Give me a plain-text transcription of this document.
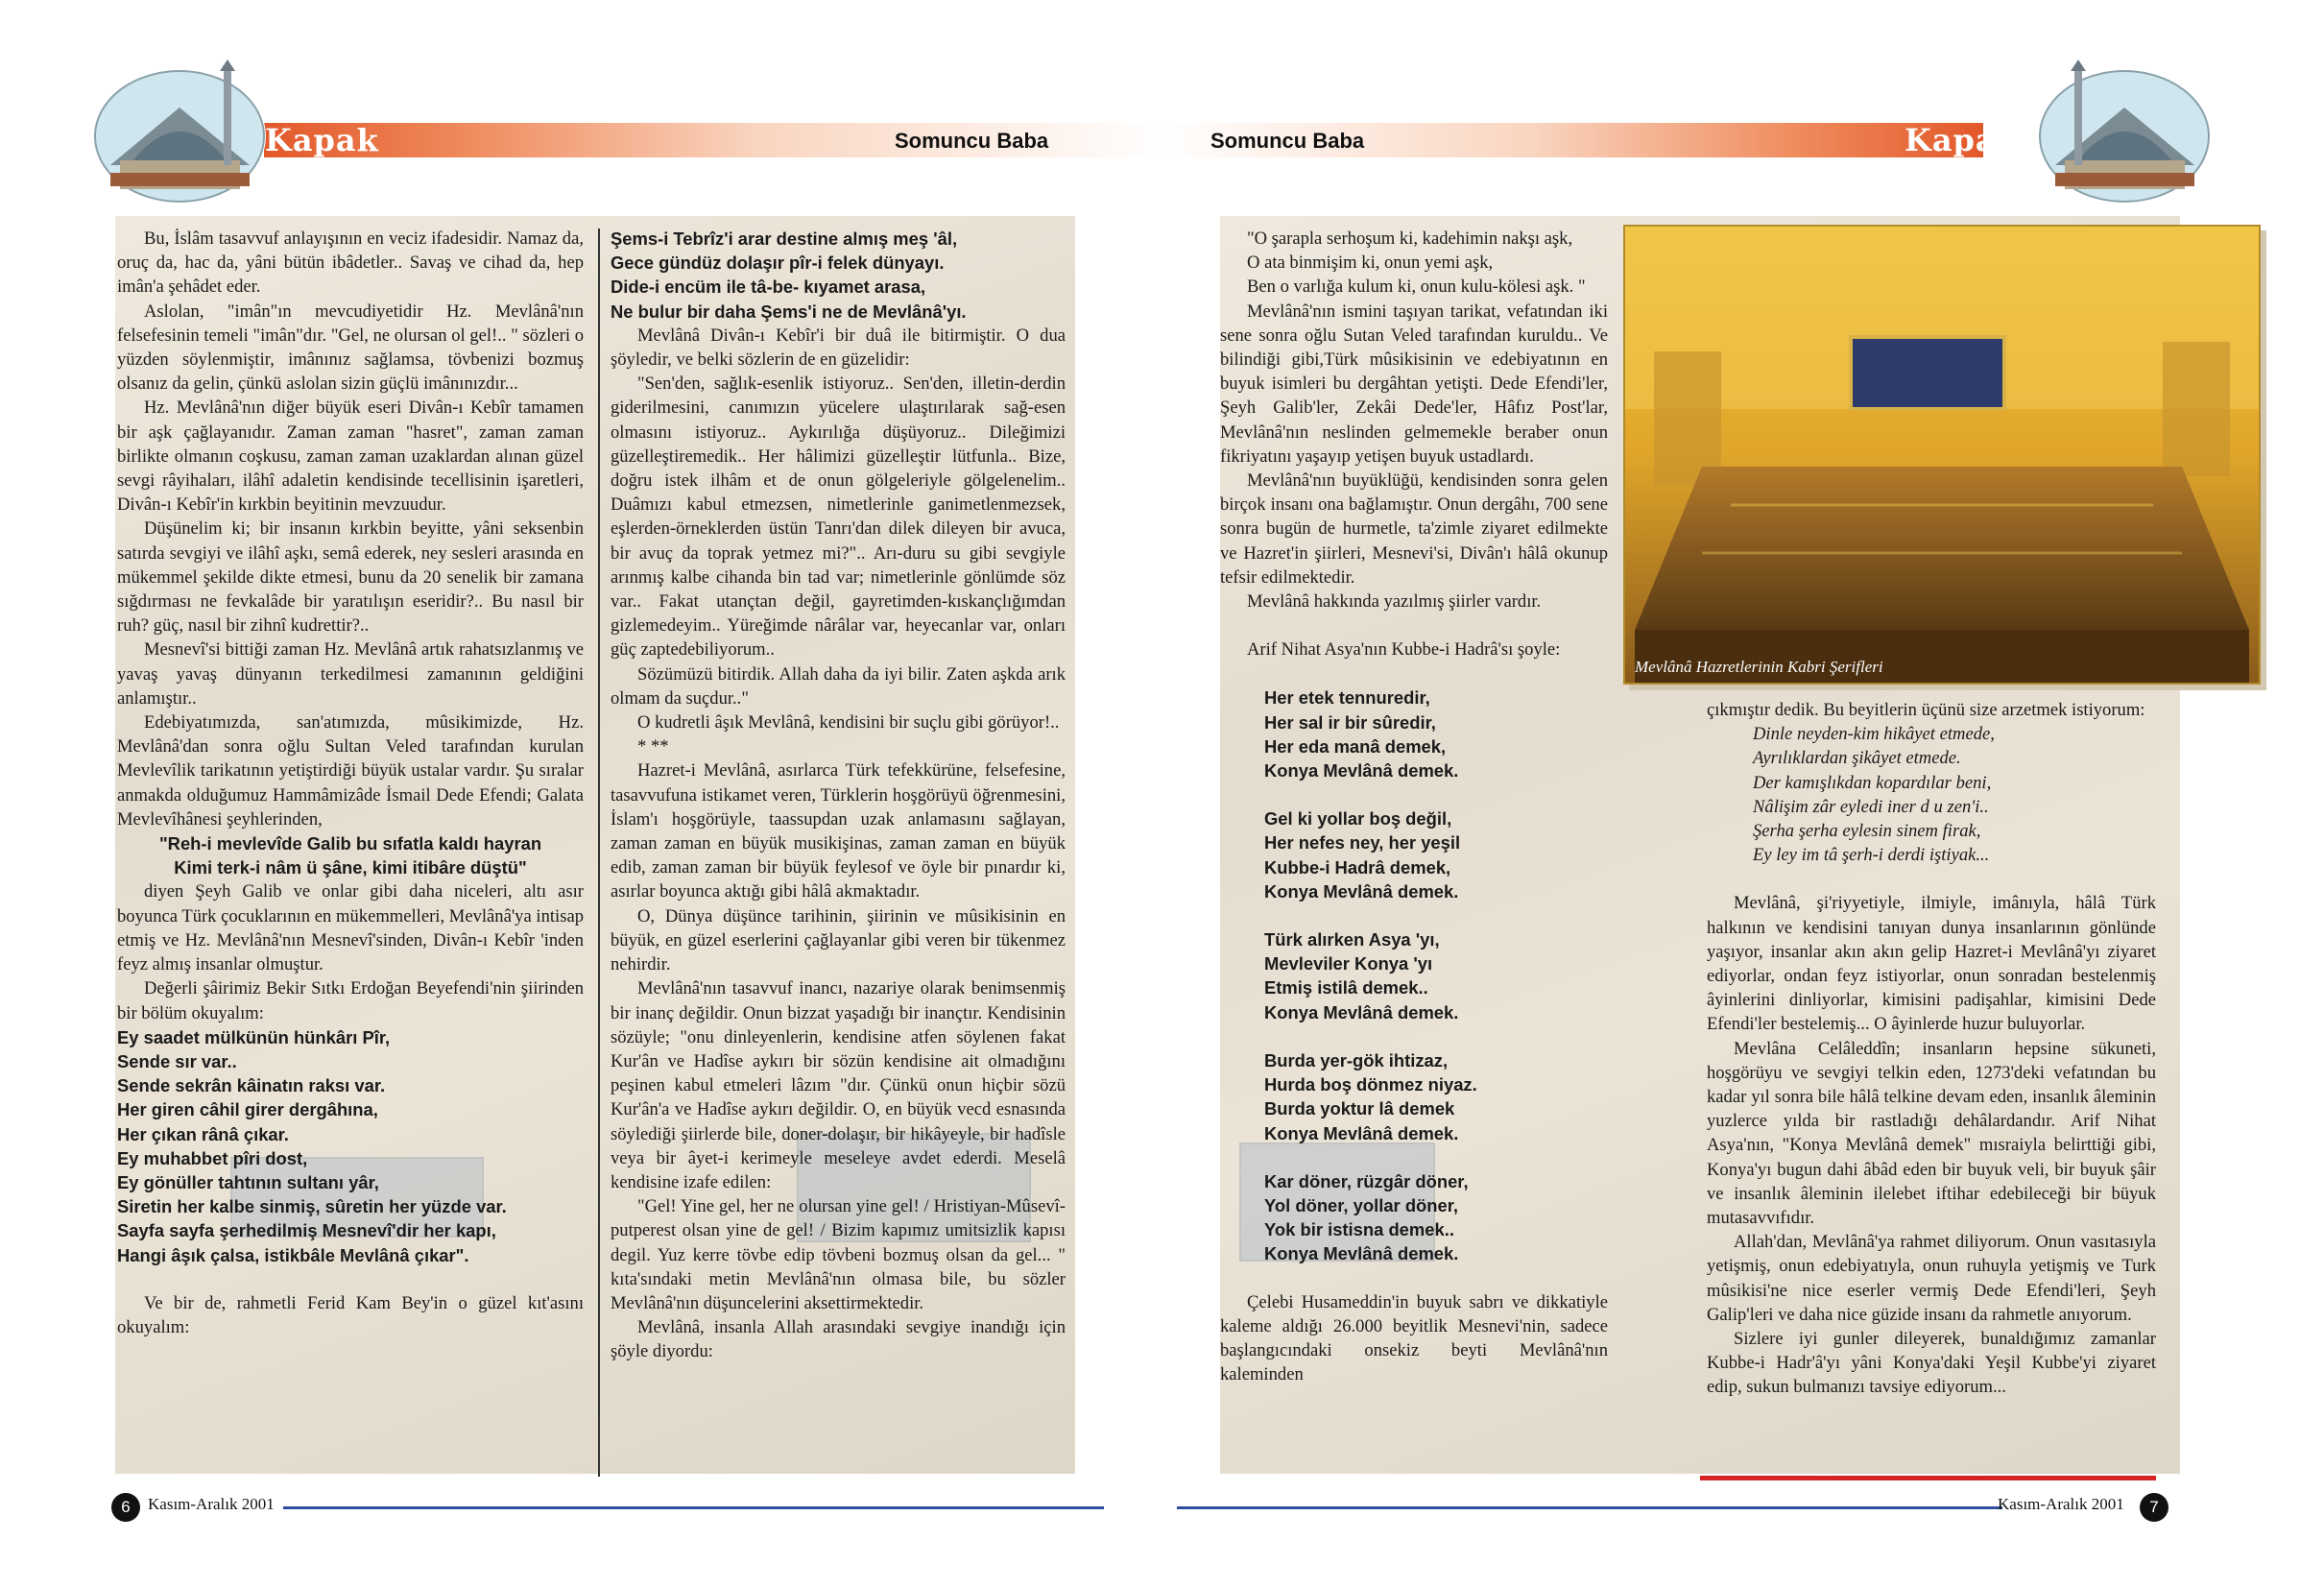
Kapak	Somuncu Baba

Bu, İslâm tasavvuf anlayışının en veciz ifadesidir. Namaz da, oruç da, hac da, yâni bütün ibâdetler.. Savaş ve cihad da, hep imân'a şehâdet eder.

Aslolan, "imân"ın mevcudiyetidir Hz. Mevlânâ'nın felsefesinin temeli "imân"dır. "Gel, ne olursan ol gel!.. " sözleri o yüzden söylenmiştir, imânınız sağlamsa, tövbenizi bozmuş olsanız da gelin, çünkü aslolan sizin güçlü imânınızdır...

Hz. Mevlânâ'nın diğer büyük eseri Divân-ı Kebîr tamamen bir aşk çağlayanıdır. Zaman zaman "hasret", zaman zaman birlikte olmanın coşkusu, zaman zaman uzaklardan alınan güzel sevgi râyihaları, ilâhî adaletin kendisinde tecellisinin işaretleri, Divân-ı Kebîr'in kırkbin beyitinin mevzuudur.

Düşünelim ki; bir insanın kırkbin beyitte, yâni seksenbin satırda sevgiyi ve ilâhî aşkı, semâ ederek, ney sesleri arasında en mükemmel şekilde dikte etmesi, bunu da 20 senelik bir zamana sığdırması ne fevkalâde bir yaratılışın eseridir?.. Bu nasıl bir ruh? güç, nasıl bir zihnî kudrettir?..

Mesnevî'si bittiği zaman Hz. Mevlânâ artık rahatsızlanmış ve yavaş yavaş dünyanın terkedilmesi zamanının geldiğini anlamıştır..

Edebiyatımızda, san'atımızda, mûsikimizde, Hz. Mevlânâ'dan sonra oğlu Sultan Veled tarafından kurulan Mevlevîlik tarikatının yetiştirdiği büyük ustalar vardır. Şu sıralar anmakda olduğumuz Hammâmizâde İsmail Dede Efendi; Galata Mevlevîhânesi şeyhlerinden,

"Reh-i mevlevîde Galib bu sıfatla kaldı hayran

Kimi terk-i nâm ü şâne, kimi itibâre düştü"

diyen Şeyh Galib ve onlar gibi daha niceleri, altı asır boyunca Türk çocuklarının en mükemmelleri, Mevlânâ'ya intisap etmiş ve Hz. Mevlânâ'nın Mesnevî'sinden, Divân-ı Kebîr 'inden feyz almış insanlar olmuştur.

Değerli şâirimiz Bekir Sıtkı Erdoğan Beyefendi'nin şiirinden bir bölüm okuyalım:

Ey saadet mülkünün hünkârı Pîr,

Sende sır var..

Sende sekrân kâinatın raksı var.

Her giren câhil girer dergâhına,

Her çıkan rânâ çıkar.

Ey muhabbet pîri dost,

Ey gönüller tahtının sultanı yâr,

Siretin her kalbe sinmiş, sûretin her yüzde var.

Sayfa sayfa şerhedilmiş Mesnevî'dir her kapı,

Hangi âşık çalsa, istikbâle Mevlânâ çıkar".

Ve bir de, rahmetli Ferid Kam Bey'in o güzel kıt'asını okuyalım:

Şems-i Tebrîz'i arar destine almış meş 'âl,

Gece gündüz dolaşır pîr-i felek dünyayı.

Dide-i encüm ile tâ-be- kıyamet arasa,

Ne bulur bir daha Şems'i ne de Mevlânâ'yı.

Mevlânâ Divân-ı Kebîr'i bir duâ ile bitirmiştir. O dua şöyledir, ve belki sözlerin de en güzelidir:

"Sen'den, sağlık-esenlik istiyoruz.. Sen'den, illetin-derdin giderilmesini, canımızın yücelere ulaştırılarak sağ-esen olmasını istiyoruz.. Aykırılığa düşüyoruz.. Dileğimizi güzelleştiremedik.. Her hâlimizi güzelleştir lütfunla.. Bize, doğru istek ilhâm et de onun gölgeleriyle gölgelenelim.. Duâmızı kabul etmezsen, nimetlerinle ganimetlenmezsek, eşlerden-örneklerden üstün Tanrı'dan dilek dileyen bir avuca, bir avuç da toprak yetmez mi?".. Arı-duru su gibi sevgiyle arınmış kalbe cihanda bin tad var; nimetlerinle gönlümde söz var.. Fakat utançtan değil, gayretimden-kıskançlığımdan gizlemedeyim.. Yüreğimde nârâlar var, heyecanlar var, onları güç zaptedebiliyorum..

Sözümüzü bitirdik. Allah daha da iyi bilir. Zaten aşkda arık olmam da suçdur.."

O kudretli âşık Mevlânâ, kendisini bir suçlu gibi görüyor!..

* **

Hazret-i Mevlânâ, asırlarca Türk tefekkürüne, felsefesine, tasavvufuna istikamet veren, Türklerin hoşgörüyü öğrenmesini, İslam'ı hoşgörüyle, taassupdan uzak anlamasını sağlayan, zaman zaman en büyük musikişinas, zaman zaman en büyük edib, zaman zaman bir büyük feylesof ve öyle bir pınardır ki, asırlar boyunca aktığı gibi hâlâ akmaktadır.

O, Dünya düşünce tarihinin, şiirinin ve mûsikisinin en büyük, en güzel eserlerini çağlayanlar gibi veren bir tükenmez nehirdir.

Mevlânâ'nın tasavvuf inancı, nazariye olarak benimsenmiş bir inanç değildir. Onun bizzat yaşadığı bir inançtır. Kendisinin sözüyle; "onu dinleyenlerin, kendisine atfen söylenen fakat Kur'ân ve Hadîse aykırı bir sözün kendisine ait olmadığını peşinen kabul etmeleri lâzım "dır. Çünkü onun hiçbir sözü Kur'ân'a ve Hadîse aykırı değildir. O, en büyük vecd esnasında söylediği şiirlerde bile, doner-dolaşır, bir hikâyeyle, bir hadîsle veya bir âyet-i kerimeyle meseleye avdet ederdi. Meselâ kendisine izafe edilen:

"Gel! Yine gel, her ne olursan yine gel! / Hristiyan-Mûsevî-putperest olsan yine de gel! / Bizim kapımız umitsizlik kapısı degil. Yuz kerre tövbe edip tövbeni bozmuş olsan da gel... " kıta'sındaki metin Mevlânâ'nın olmasa bile, bu sözler Mevlânâ'nın düşuncelerini aksettirmektedir.

Mevlânâ, insanla Allah arasındaki sevgiye inandığı için şöyle diyordu:

6	Kasım-Aralık 2001
Somuncu Baba	Kapak

"O şarapla serhoşum ki, kadehimin nakşı aşk,

O ata binmişim ki, onun yemi aşk,

Ben o varlığa kulum ki, onun kulu-kölesi aşk. "

Mevlânâ'nın ismini taşıyan tarikat, vefatından iki sene sonra oğlu Sutan Veled tarafından kuruldu.. Ve bilindiği gibi,Türk mûsikisinin ve edebiyatının en buyuk isimleri bu dergâhtan yetişti. Dede Efendi'ler, Şeyh Galib'ler, Zekâi Dede'ler, Hâfız Post'lar, Mevlânâ'nın neslinden gelmemekle beraber onun fikriyatını yaşayıp yetişen buyuk ustadlardı.

Mevlânâ'nın buyüklüğü, kendisinden sonra gelen birçok insanı ona bağlamıştır. Onun dergâhı, 700 sene sonra bugün de hurmetle, ta'zimle ziyaret edilmekte ve Hazret'in şiirleri, Mesnevi'si, Divân'ı hâlâ okunup tefsir edilmektedir.

Mevlânâ hakkında yazılmış şiirler vardır.

Arif Nihat Asya'nın Kubbe-i Hadrâ'sı şoyle:

Her etek tennuredir,

Her sal ir bir sûredir,

Her eda manâ demek,

Konya Mevlânâ demek.

Gel ki yollar boş değil,

Her nefes ney, her yeşil

Kubbe-i Hadrâ demek,

Konya Mevlânâ demek.

Türk alırken Asya 'yı,

Mevleviler Konya 'yı

Etmiş istilâ demek..

Konya Mevlânâ demek.

Burda yer-gök ihtizaz,

Hurda boş dönmez niyaz.

Burda yoktur lâ demek

Konya Mevlânâ demek.

Kar döner, rüzgâr döner,

Yol döner, yollar döner,

Yok bir istisna demek..

Konya Mevlânâ demek.

Çelebi Husameddin'in buyuk sabrı ve dikkatiyle kaleme aldığı 26.000 beyitlik Mesnevi'nin, sadece başlangıcındaki onsekiz beyti Mevlânâ'nın kaleminden

Mevlânâ Hazretlerinin Kabri Şerifleri

çıkmıştır dedik. Bu beyitlerin üçünü size arzetmek istiyorum:

Dinle neyden-kim hikâyet etmede,

Ayrılıklardan şikâyet etmede.

Der kamışlıkdan kopardılar beni,

Nâlişim zâr eyledi iner d u zen'i..

Şerha şerha eylesin sinem firak,

Ey ley im tâ şerh-i derdi iştiyak...

Mevlânâ, şi'riyyetiyle, ilmiyle, imânıyla, hâlâ Türk halkının ve kendisini tanıyan dunya insanlarının gönlünde yaşıyor, insanlar akın akın gelip Hazret-i Mevlânâ'yı ziyaret ediyorlar, ondan feyz istiyorlar, onun sonradan bestelenmiş âyinlerini dinliyorlar, kimisini padişahlar, kimisini Dede Efendi'ler bestelemiş... O âyinlerde huzur buluyorlar.

Mevlâna Celâleddîn; insanların hepsine sükuneti, hoşgörüyu ve sevgiyi telkin eden, 1273'deki vefatından bu kadar yıl sonra bile hâlâ telkine devam eden, insanlık âleminin yuzlerce yılda bir rastladığı dehâlardandır. Arif Nihat Asya'nın, "Konya Mevlânâ demek" mısraiyla belirttiği gibi, Konya'yı bugun dahi âbâd eden bir buyuk veli, bir buyuk şâir ve insanlık âleminin ilelebet iftihar edebileceği bir büyuk mutasavvıfıdır.

Allah'dan, Mevlânâ'ya rahmet diliyorum. Onun vasıtasıyla yetişmiş, onun edebiyatıyla, onun ruhuyla yetişmiş ve Turk mûsikisi'ne nice eserler vermiş Dede Efendi'leri, Şeyh Galip'leri ve daha nice güzide insanı da rahmetle anıyorum.

Sizlere iyi gunler dileyerek, bunaldığımız zamanlar Kubbe-i Hadr'â'yı yâni Konya'daki Yeşil Kubbe'yi ziyaret edip, sukun bulmanızı tavsiye ediyorum...

Kasım-Aralık 2001	7
